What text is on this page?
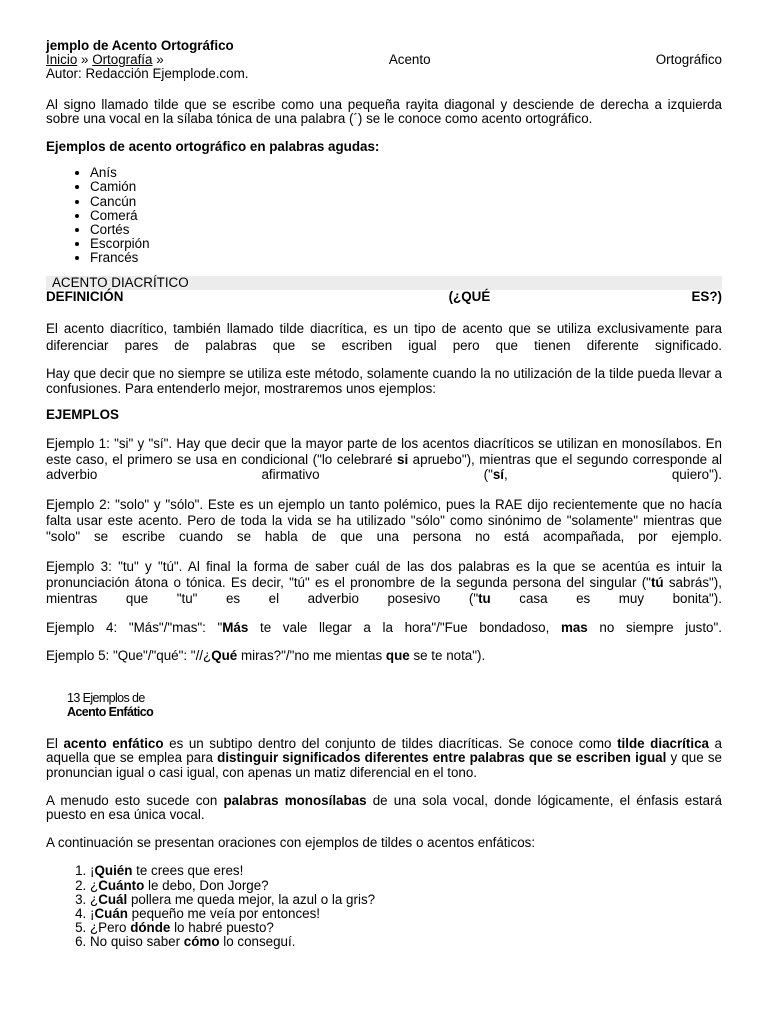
jemplo de Acento Ortográfico

Inicio » Ortografía »	Acento	Ortográfico

Autor: Redacción Ejemplode.com.

Al signo llamado tilde que se escribe como una pequeña rayita diagonal y desciende de derecha a izquierda sobre una vocal en la sílaba tónica de una palabra (´) se le conoce como acento ortográfico.

Ejemplos de acento ortográfico en palabras agudas:

• Anís
• Camión
• Cancún
• Comerá
• Cortés
• Escorpión
• Francés
ACENTO DIACRÍTICO
DEFINICIÓN	(¿QUÉ	ES?)

El acento diacrítico, también llamado tilde diacrítica, es un tipo de acento que se utiliza exclusivamente para diferenciar pares de palabras que se escriben igual pero que tienen diferente significado.

Hay que decir que no siempre se utiliza este método, solamente cuando la no utilización de la tilde pueda llevar a confusiones. Para entenderlo mejor, mostraremos unos ejemplos:

EJEMPLOS

Ejemplo 1: "si" y "sí". Hay que decir que la mayor parte de los acentos diacríticos se utilizan en monosílabos. En este caso, el primero se usa en condicional ("lo celebraré si apruebo"), mientras que el segundo corresponde al adverbio afirmativo ("sí, quiero").

Ejemplo 2: "solo" y "sólo". Este es un ejemplo un tanto polémico, pues la RAE dijo recientemente que no hacía falta usar este acento. Pero de toda la vida se ha utilizado "sólo" como sinónimo de "solamente" mientras que "solo" se escribe cuando se habla de que una persona no está acompañada, por ejemplo.

Ejemplo 3: "tu" y "tú". Al final la forma de saber cuál de las dos palabras es la que se acentúa es intuir la pronunciación átona o tónica. Es decir, "tú" es el pronombre de la segunda persona del singular ("tú sabrás"), mientras que "tu" es el adverbio posesivo ("tu casa es muy bonita").

Ejemplo 4: "Más"/"mas": "Más te vale llegar a la hora"/"Fue bondadoso, mas no siempre justo".

Ejemplo 5: "Que"/"qué": "//¿Qué miras?"/"no me mientas que se te nota").

13 Ejemplos de

Acento Enfático

El acento enfático es un subtipo dentro del conjunto de tildes diacríticas. Se conoce como tilde diacrítica a aquella que se emplea para distinguir significados diferentes entre palabras que se escriben igual y que se pronuncian igual o casi igual, con apenas un matiz diferencial en el tono.

A menudo esto sucede con palabras monosílabas de una sola vocal, donde lógicamente, el énfasis estará puesto en esa única vocal.

A continuación se presentan oraciones con ejemplos de tildes o acentos enfáticos:

1. ¡Quién te crees que eres!
2. ¿Cuánto le debo, Don Jorge?
3. ¿Cuál pollera me queda mejor, la azul o la gris?
4. ¡Cuán pequeño me veía por entonces!
5. ¿Pero dónde lo habré puesto?
6. No quiso saber cómo lo conseguí.
